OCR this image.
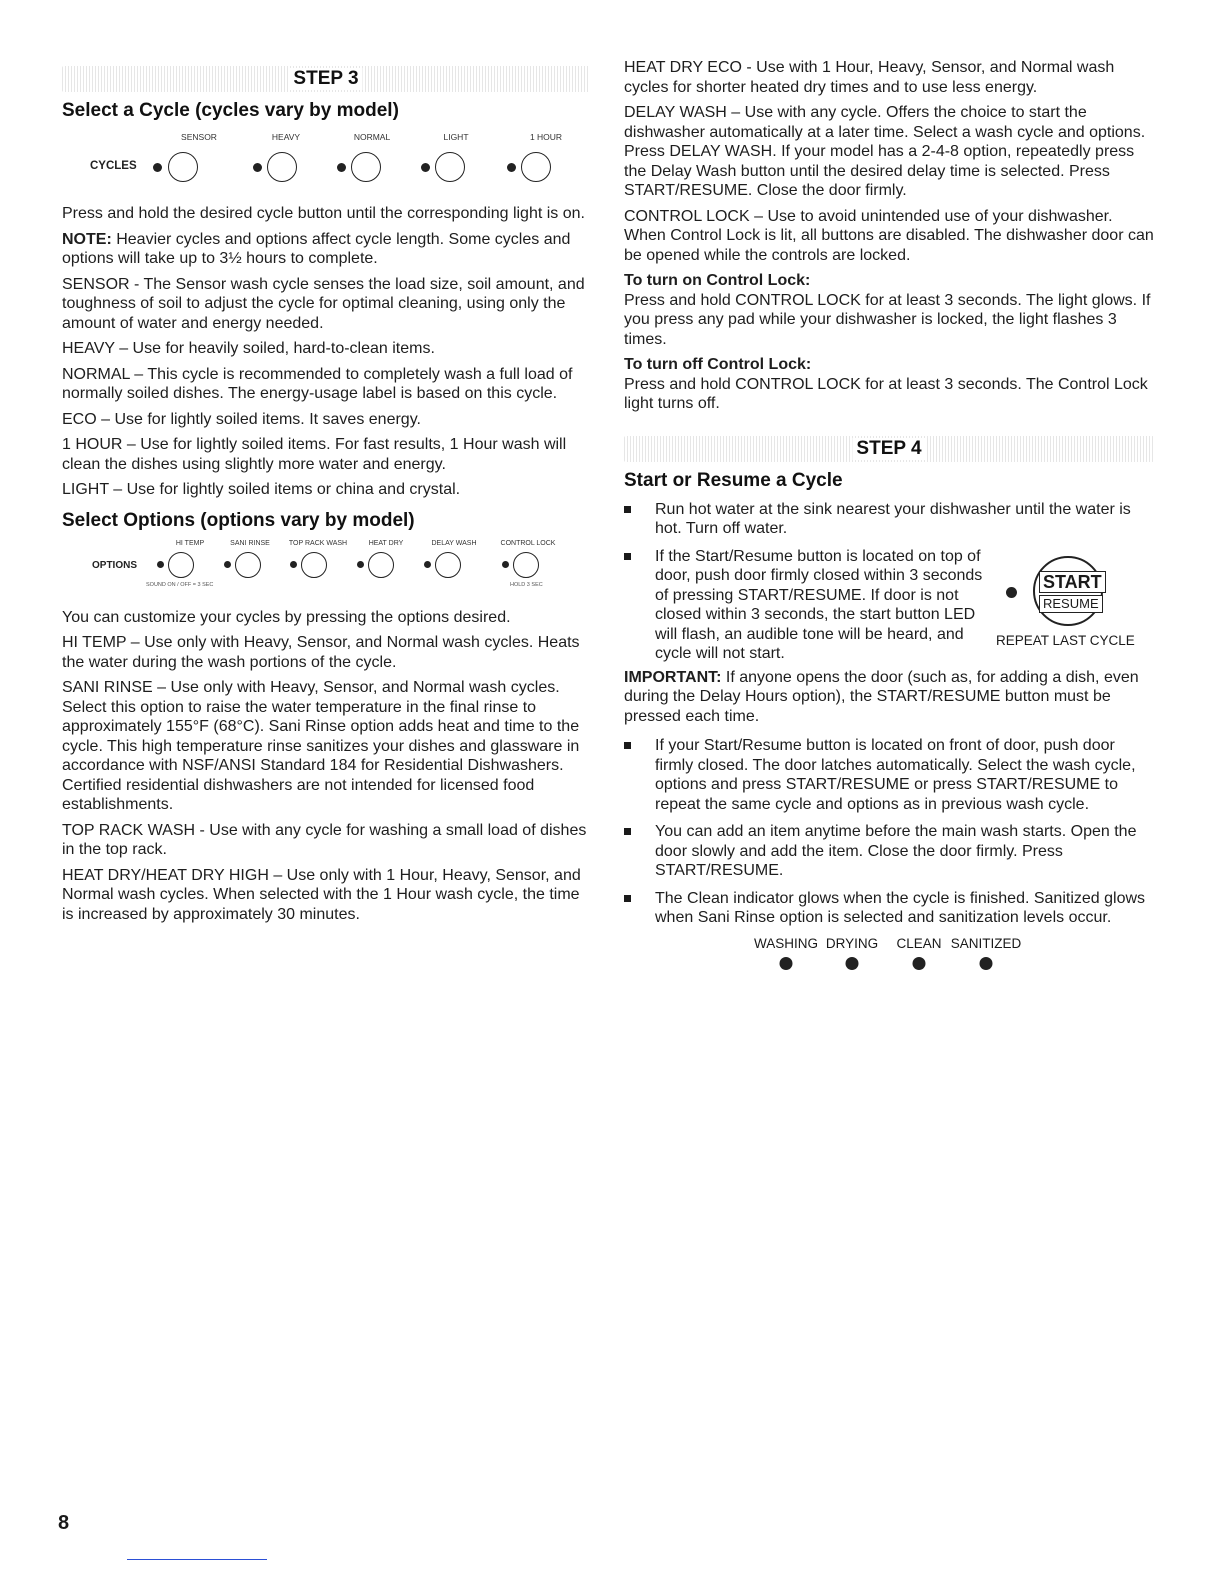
STEP 3
Select a Cycle (cycles vary by model)
SENSOR	HEAVY	NORMAL	LIGHT	1 HOUR
CYCLES

Press and hold the desired cycle button until the corresponding light is on.

NOTE: Heavier cycles and options affect cycle length. Some cycles and options will take up to 3½ hours to complete.

SENSOR - The Sensor wash cycle senses the load size, soil amount, and toughness of soil to adjust the cycle for optimal cleaning, using only the amount of water and energy needed.

HEAVY – Use for heavily soiled, hard-to-clean items.

NORMAL – This cycle is recommended to completely wash a full load of normally soiled dishes. The energy-usage label is based on this cycle.

ECO – Use for lightly soiled items. It saves energy.

1 HOUR – Use for lightly soiled items. For fast results, 1 Hour wash will clean the dishes using slightly more water and energy.

LIGHT – Use for lightly soiled items or china and crystal.

Select Options (options vary by model)
HI TEMP	SANI RINSE	TOP RACK WASH	HEAT DRY	DELAY WASH	CONTROL LOCK
OPTIONS
SOUND ON / OFF = 3 SEC	HOLD 3 SEC

You can customize your cycles by pressing the options desired.

HI TEMP – Use only with Heavy, Sensor, and Normal wash cycles. Heats the water during the wash portions of the cycle.

SANI RINSE – Use only with Heavy, Sensor, and Normal wash cycles. Select this option to raise the water temperature in the final rinse to approximately 155°F (68°C). Sani Rinse option adds heat and time to the cycle. This high temperature rinse sanitizes your dishes and glassware in accordance with NSF/ANSI Standard 184 for Residential Dishwashers. Certified residential dishwashers are not intended for licensed food establishments.

TOP RACK WASH - Use with any cycle for washing a small load of dishes in the top rack.

HEAT DRY/HEAT DRY HIGH – Use only with 1 Hour, Heavy, Sensor, and Normal wash cycles. When selected with the 1 Hour wash cycle, the time is increased by approximately 30 minutes.

HEAT DRY ECO - Use with 1 Hour, Heavy, Sensor, and Normal wash cycles for shorter heated dry times and to use less energy.

DELAY WASH – Use with any cycle. Offers the choice to start the dishwasher automatically at a later time. Select a wash cycle and options. Press DELAY WASH. If your model has a 2-4-8 option, repeatedly press the Delay Wash button until the desired delay time is selected. Press START/RESUME. Close the door firmly.

CONTROL LOCK – Use to avoid unintended use of your dishwasher. When Control Lock is lit, all buttons are disabled. The dishwasher door can be opened while the controls are locked.

To turn on Control Lock:

Press and hold CONTROL LOCK for at least 3 seconds. The light glows. If you press any pad while your dishwasher is locked, the light flashes 3 times.

To turn off Control Lock:

Press and hold CONTROL LOCK for at least 3 seconds. The Control Lock light turns off.

STEP 4
Start or Resume a Cycle
Run hot water at the sink nearest your dishwasher until the water is hot. Turn off water.
If the Start/Resume button is located on top of door, push door firmly closed within 3 seconds of pressing START/RESUME. If door is not closed within 3 seconds, the start button LED will flash, an audible tone will be heard, and cycle will not start.
START
RESUME
REPEAT LAST CYCLE

IMPORTANT: If anyone opens the door (such as, for adding a dish, even during the Delay Hours option), the START/RESUME button must be pressed each time.

If your Start/Resume button is located on front of door, push door firmly closed. The door latches automatically. Select the wash cycle, options and press START/RESUME or press START/RESUME to repeat the same cycle and options as in previous wash cycle.
You can add an item anytime before the main wash starts. Open the door slowly and add the item. Close the door firmly. Press START/RESUME.
The Clean indicator glows when the cycle is finished. Sanitized glows when Sani Rinse option is selected and sanitization levels occur.
WASHING DRYING CLEAN SANITIZED
8
